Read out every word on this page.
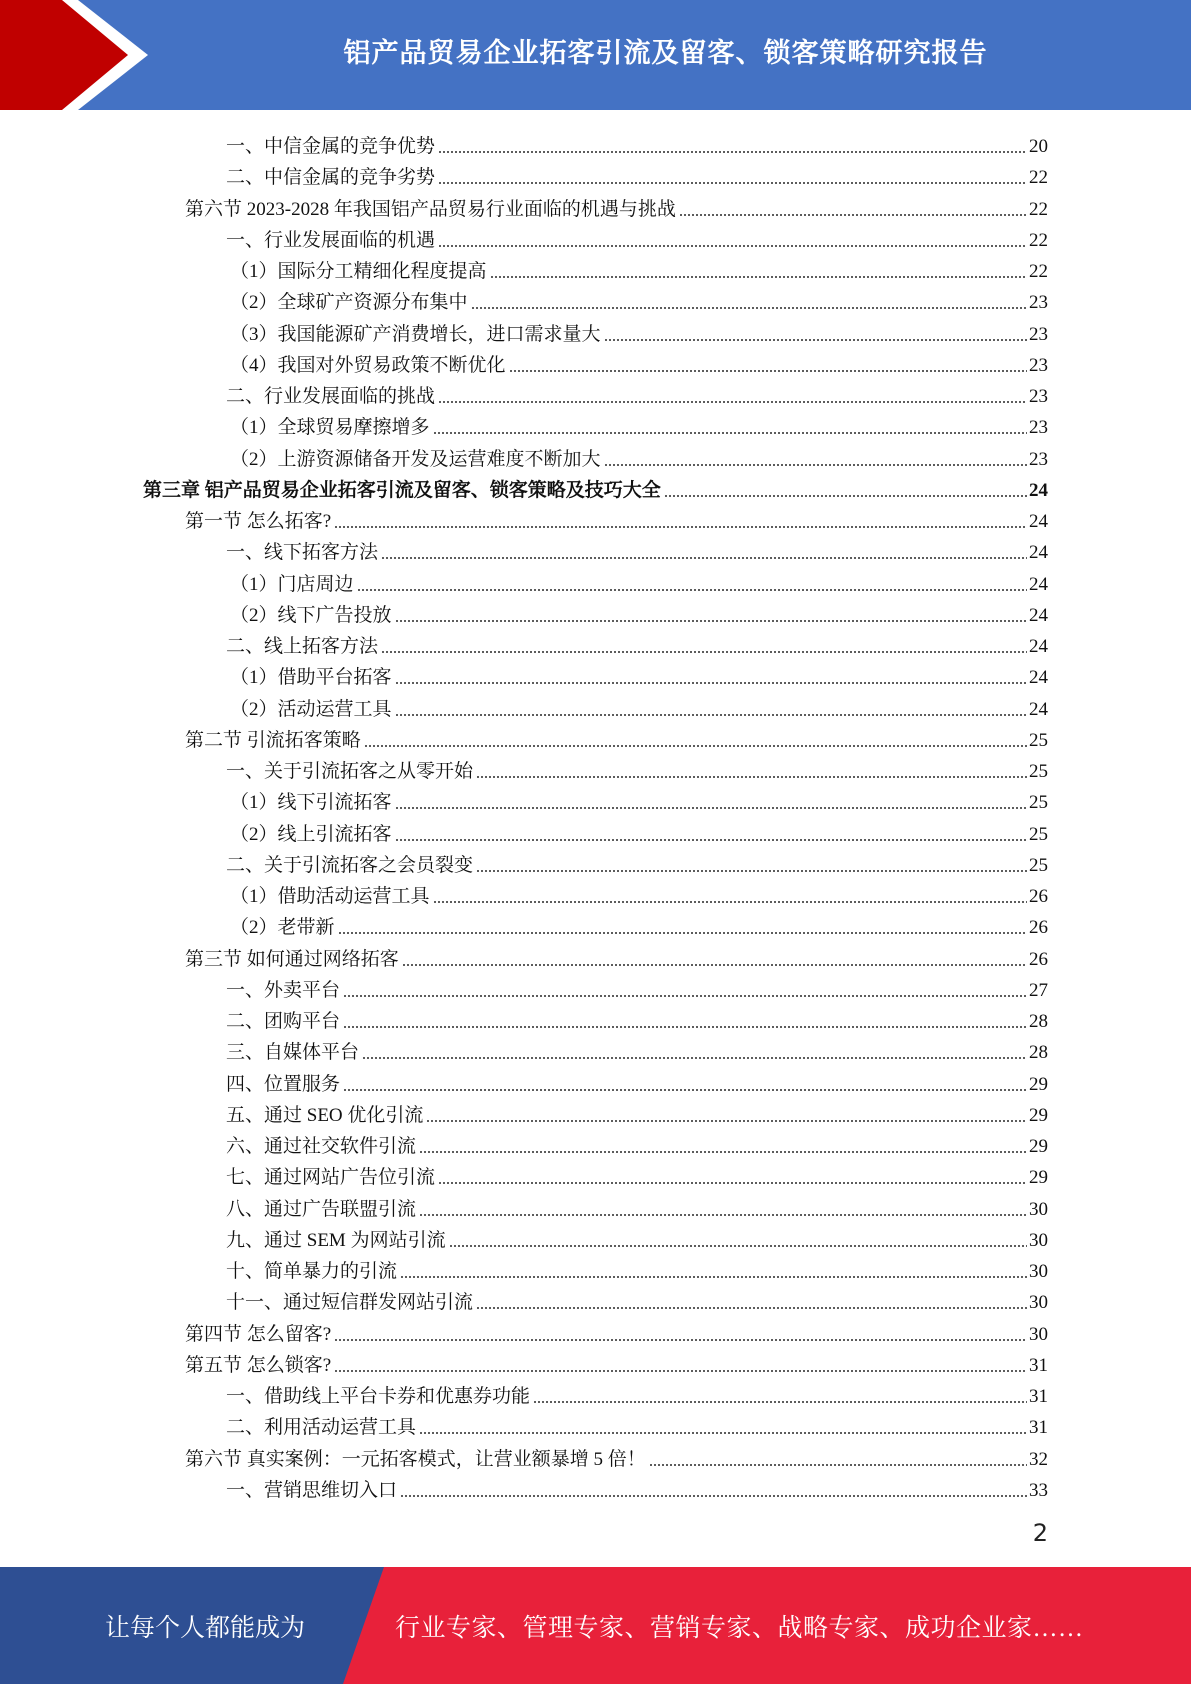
铝产品贸易企业拓客引流及留客、锁客策略研究报告
一、中信金属的竞争优势	20
二、中信金属的竞争劣势	22
第六节 2023-2028 年我国铝产品贸易行业面临的机遇与挑战	22
一、行业发展面临的机遇	22
（1）国际分工精细化程度提高	22
（2）全球矿产资源分布集中	23
（3）我国能源矿产消费增长，进口需求量大	23
（4）我国对外贸易政策不断优化	23
二、行业发展面临的挑战	23
（1）全球贸易摩擦增多	23
（2）上游资源储备开发及运营难度不断加大	23
第三章 铝产品贸易企业拓客引流及留客、锁客策略及技巧大全	24
第一节 怎么拓客?	24
一、线下拓客方法	24
（1）门店周边	24
（2）线下广告投放	24
二、线上拓客方法	24
（1）借助平台拓客	24
（2）活动运营工具	24
第二节 引流拓客策略	25
一、关于引流拓客之从零开始	25
（1）线下引流拓客	25
（2）线上引流拓客	25
二、关于引流拓客之会员裂变	25
（1）借助活动运营工具	26
（2）老带新	26
第三节 如何通过网络拓客	26
一、外卖平台	27
二、团购平台	28
三、自媒体平台	28
四、位置服务	29
五、通过 SEO 优化引流	29
六、通过社交软件引流	29
七、通过网站广告位引流	29
八、通过广告联盟引流	30
九、通过 SEM 为网站引流	30
十、简单暴力的引流	30
十一、通过短信群发网站引流	30
第四节 怎么留客?	30
第五节 怎么锁客?	31
一、借助线上平台卡券和优惠券功能	31
二、利用活动运营工具	31
第六节 真实案例：一元拓客模式，让营业额暴增 5 倍！	32
一、营销思维切入口	33
2
让每个人都能成为	行业专家、管理专家、营销专家、战略专家、成功企业家……
